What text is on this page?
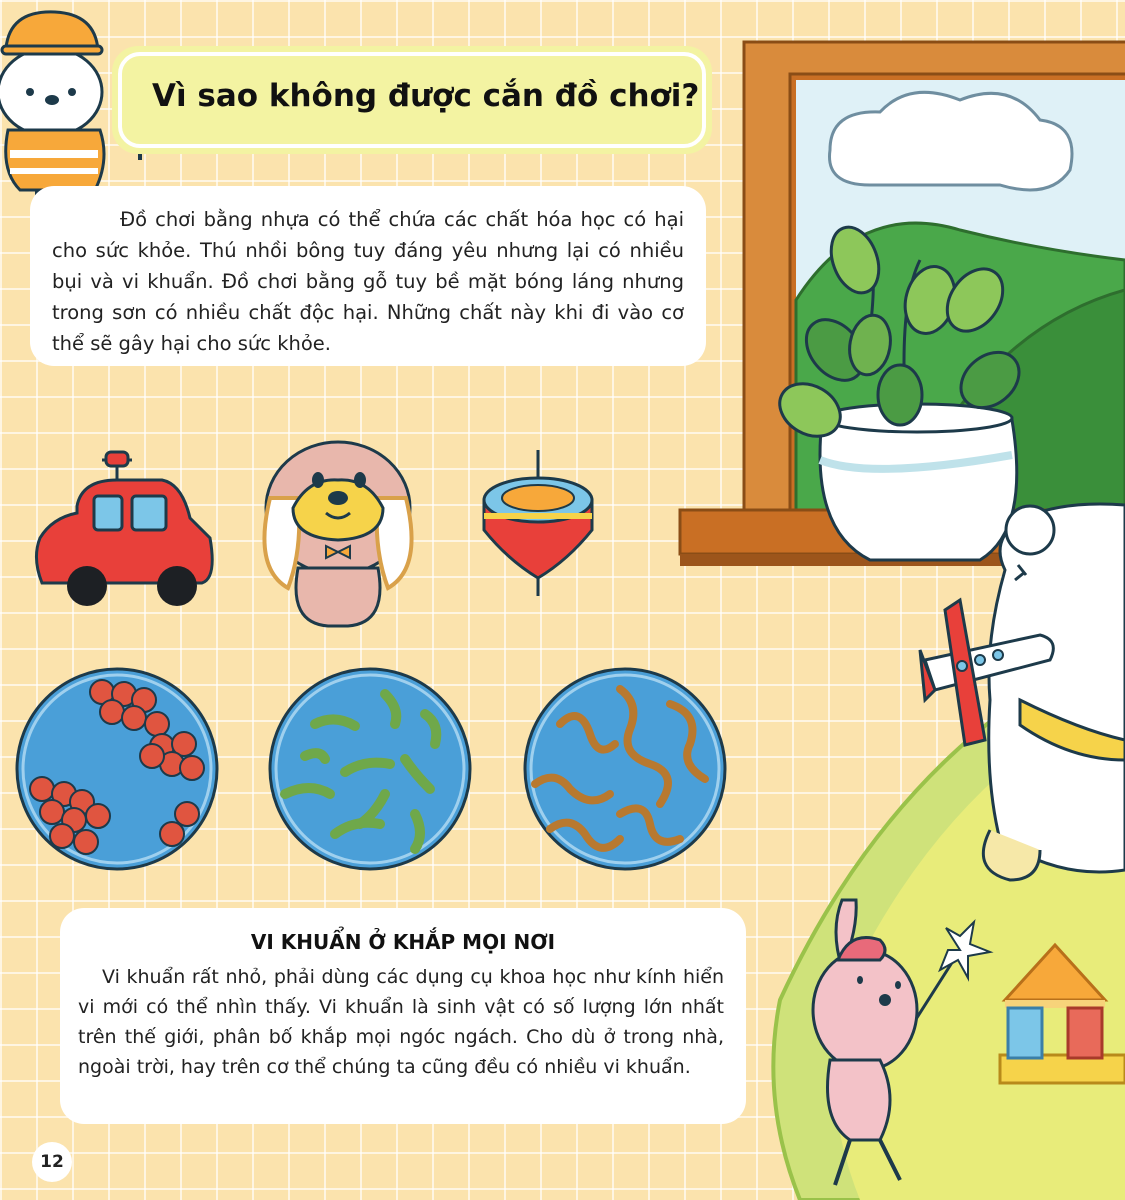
Vì sao không được cắn đồ chơi?

Đồ chơi bằng nhựa có thể chứa các chất hóa học có hại cho sức khỏe. Thú nhồi bông tuy đáng yêu nhưng lại có nhiều bụi và vi khuẩn. Đồ chơi bằng gỗ tuy bề mặt bóng láng nhưng trong sơn có nhiều chất độc hại. Những chất này khi đi vào cơ thể sẽ gây hại cho sức khỏe.

VI KHUẨN Ở KHẮP MỌI NƠI

Vi khuẩn rất nhỏ, phải dùng các dụng cụ khoa học như kính hiển vi mới có thể nhìn thấy. Vi khuẩn là sinh vật có số lượng lớn nhất trên thế giới, phân bố khắp mọi ngóc ngách. Cho dù ở trong nhà, ngoài trời, hay trên cơ thể chúng ta cũng đều có nhiều vi khuẩn.

12
